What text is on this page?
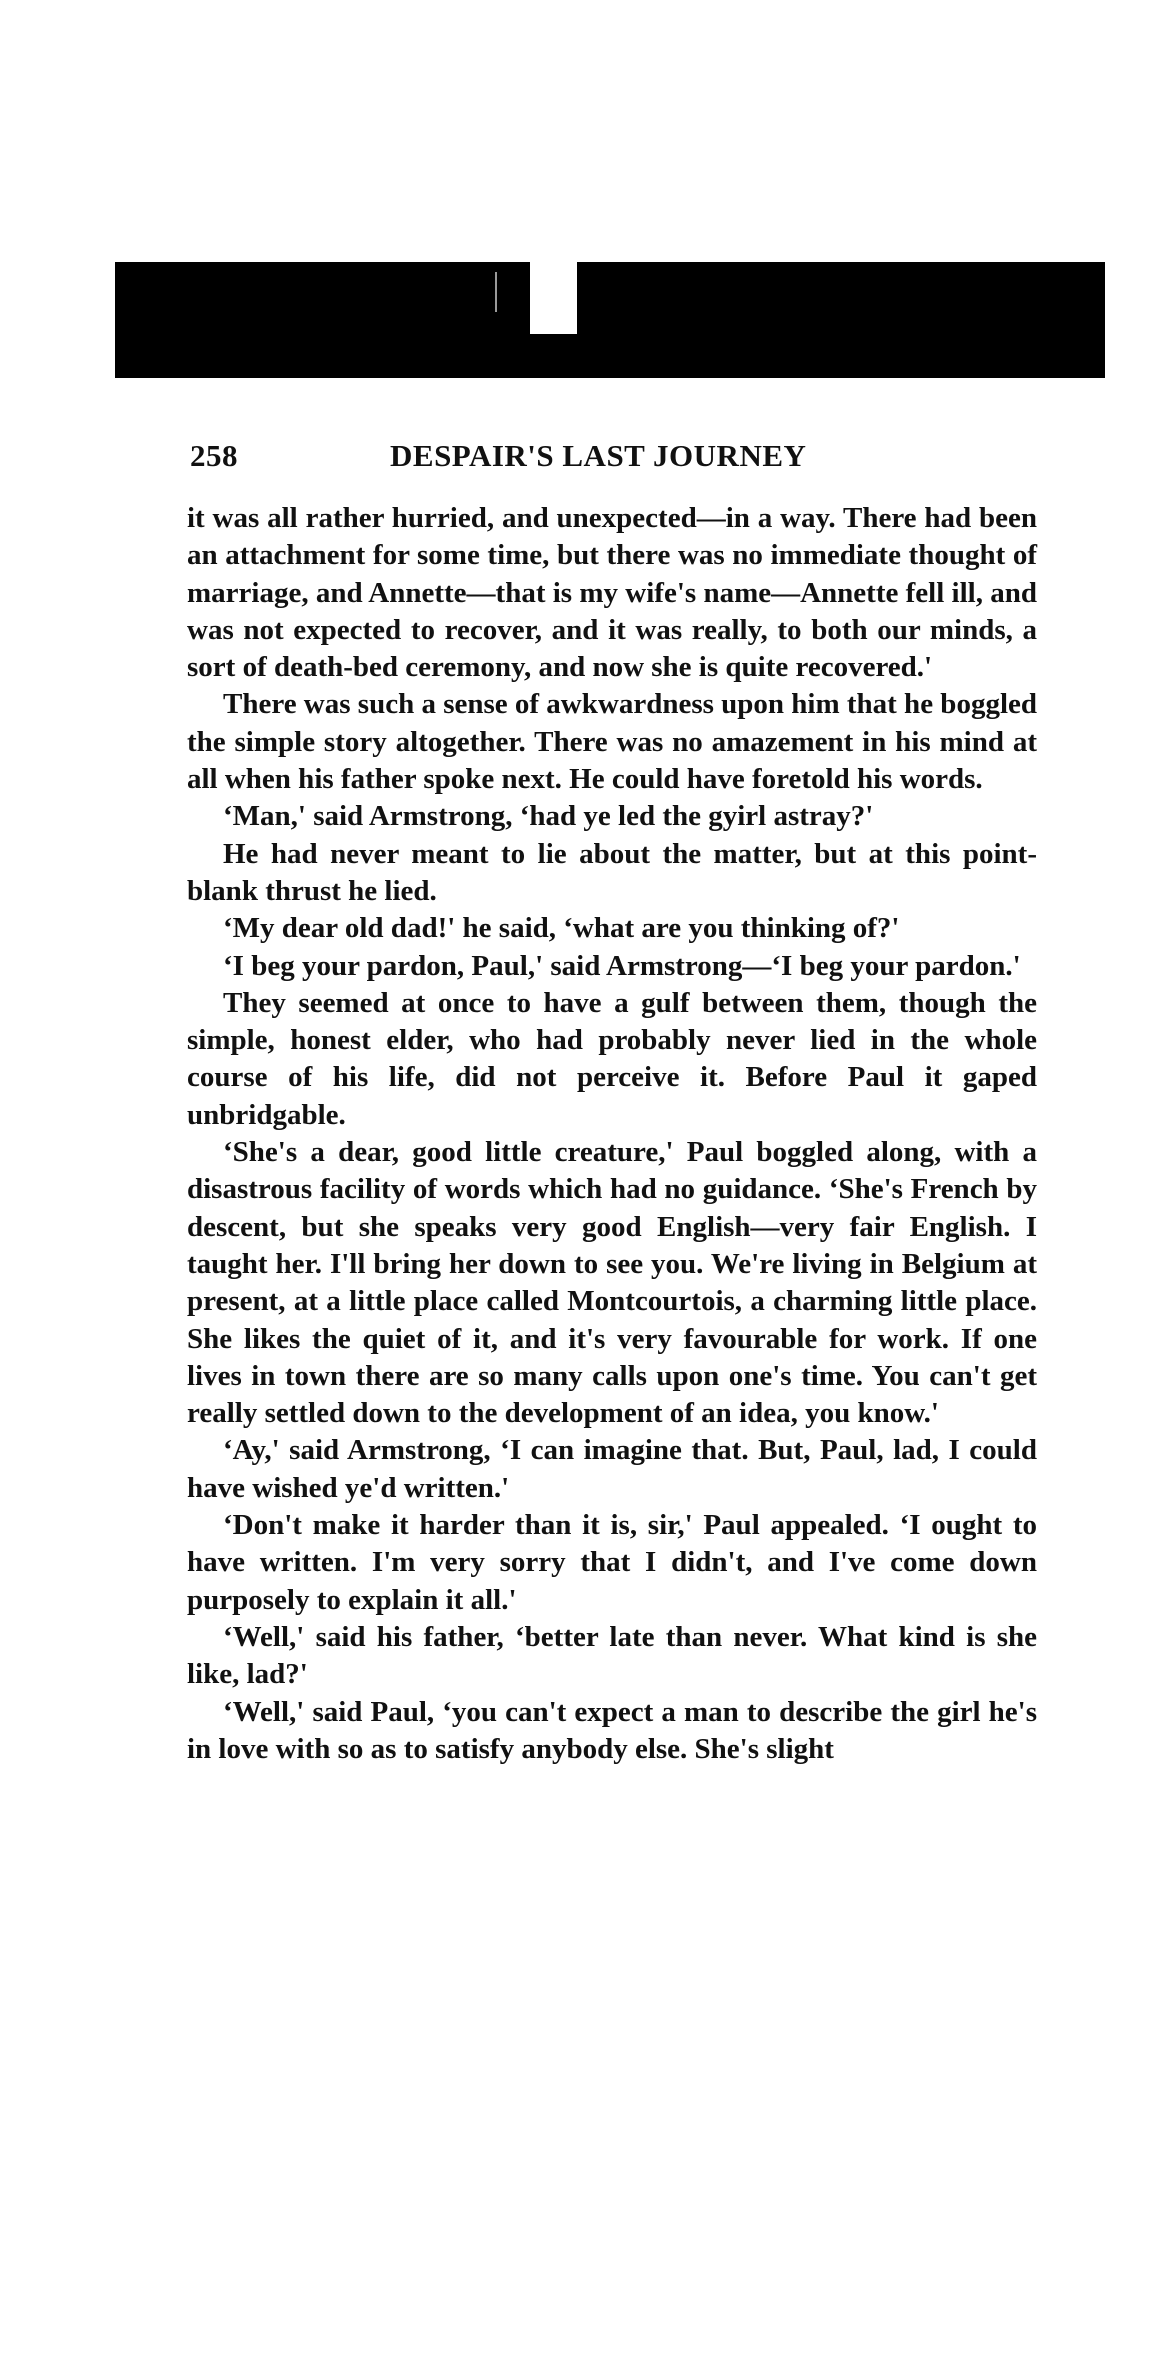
258	DESPAIR'S LAST JOURNEY

it was all rather hurried, and unexpected—in a way. There had been an attachment for some time, but there was no immediate thought of marriage, and Annette—that is my wife's name—Annette fell ill, and was not expected to recover, and it was really, to both our minds, a sort of death-bed ceremony, and now she is quite recovered.'

There was such a sense of awkwardness upon him that he boggled the simple story altogether. There was no amazement in his mind at all when his father spoke next. He could have foretold his words.

‘Man,' said Armstrong, ‘had ye led the gyirl astray?'

He had never meant to lie about the matter, but at this point-blank thrust he lied.

‘My dear old dad!' he said, ‘what are you thinking of?'

‘I beg your pardon, Paul,' said Armstrong—‘I beg your pardon.'

They seemed at once to have a gulf between them, though the simple, honest elder, who had probably never lied in the whole course of his life, did not perceive it. Before Paul it gaped unbridgable.

‘She's a dear, good little creature,' Paul boggled along, with a disastrous facility of words which had no guidance. ‘She's French by descent, but she speaks very good English—very fair English. I taught her. I'll bring her down to see you. We're living in Belgium at present, at a little place called Montcourtois, a charming little place. She likes the quiet of it, and it's very favourable for work. If one lives in town there are so many calls upon one's time. You can't get really settled down to the development of an idea, you know.'

‘Ay,' said Armstrong, ‘I can imagine that. But, Paul, lad, I could have wished ye'd written.'

‘Don't make it harder than it is, sir,' Paul appealed. ‘I ought to have written. I'm very sorry that I didn't, and I've come down purposely to explain it all.'

‘Well,' said his father, ‘better late than never. What kind is she like, lad?'

‘Well,' said Paul, ‘you can't expect a man to describe the girl he's in love with so as to satisfy anybody else. She's slight
